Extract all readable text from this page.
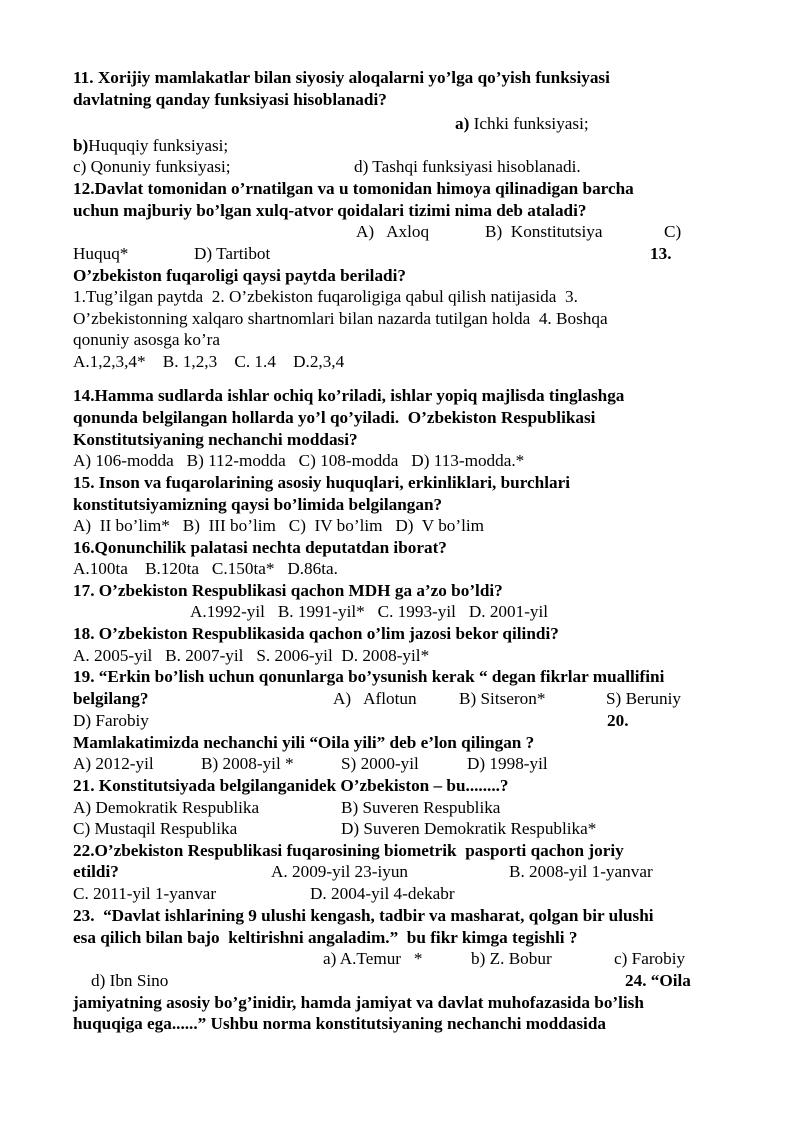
11. Xorijiy mamlakatlar bilan siyosiy aloqalarni yo’lga qo’yish funksiyasi
davlatning qanday funksiyasi hisoblanadi?
a) Ichki funksiyasi;
b)Huquqiy funksiyasi;
c) Qonuniy funksiyasi;	d) Tashqi funksiyasi hisoblanadi.
12.Davlat tomonidan o’rnatilgan va u tomonidan himoya qilinadigan barcha
uchun majburiy bo’lgan xulq-atvor qoidalari tizimi nima deb ataladi?
A)   Axloq	B)  Konstitutsiya	C)
Huquq*	D) Tartibot	13.
O’zbekiston fuqaroligi qaysi paytda beriladi?
1.Tug’ilgan paytda  2. O’zbekiston fuqaroligiga qabul qilish natijasida  3.
O’zbekistonning xalqaro shartnomlari bilan nazarda tutilgan holda  4. Boshqa
qonuniy asosga ko’ra
A.1,2,3,4*    B. 1,2,3    C. 1.4    D.2,3,4
14.Hamma sudlarda ishlar ochiq ko’riladi, ishlar yopiq majlisda tinglashga
qonunda belgilangan hollarda yo’l qo’yiladi.  O’zbekiston Respublikasi
Konstitutsiyaning nechanchi moddasi?
A) 106-modda   B) 112-modda   C) 108-modda   D) 113-modda.*
15. Inson va fuqarolarining asosiy huquqlari, erkinliklari, burchlari
konstitutsiyamizning qaysi bo’limida belgilangan?
A)  II bo’lim*   B)  III bo’lim   C)  IV bo’lim   D)  V bo’lim
16.Qonunchilik palatasi nechta deputatdan iborat?
A.100ta    B.120ta   C.150ta*   D.86ta.
17. O’zbekiston Respublikasi qachon MDH ga a’zo bo’ldi?
A.1992-yil   B. 1991-yil*   C. 1993-yil   D. 2001-yil
18. O’zbekiston Respublikasida qachon o’lim jazosi bekor qilindi?
A. 2005-yil   B. 2007-yil   S. 2006-yil  D. 2008-yil*
19. “Erkin bo’lish uchun qonunlarga bo’ysunish kerak “ degan fikrlar muallifini
belgilang?	A)   Aflotun B) Sitseron*	S) Beruniy
D) Farobiy	20.
Mamlakatimizda nechanchi yili “Oila yili” deb e’lon qilingan ?
A) 2012-yil	B) 2008-yil *	S) 2000-yil	D) 1998-yil
21. Konstitutsiyada belgilanganidek O’zbekiston – bu........?
A) Demokratik Respublika	B) Suveren Respublika
C) Mustaqil Respublika	D) Suveren Demokratik Respublika*
22.O’zbekiston Respublikasi fuqarosining biometrik  pasporti qachon joriy
etildi?	A. 2009-yil 23-iyun	B. 2008-yil 1-yanvar
C. 2011-yil 1-yanvar	D. 2004-yil 4-dekabr
23.  “Davlat ishlarining 9 ulushi kengash, tadbir va masharat, qolgan bir ulushi
esa qilich bilan bajo  keltirishni angaladim.”  bu fikr kimga tegishli ?
a) A.Temur   *	b) Z. Bobur	c) Farobiy
d) Ibn Sino	24. “Oila
jamiyatning asosiy bo’g’inidir, hamda jamiyat va davlat muhofazasida bo’lish
huquqiga ega......” Ushbu norma konstitutsiyaning nechanchi moddasida
